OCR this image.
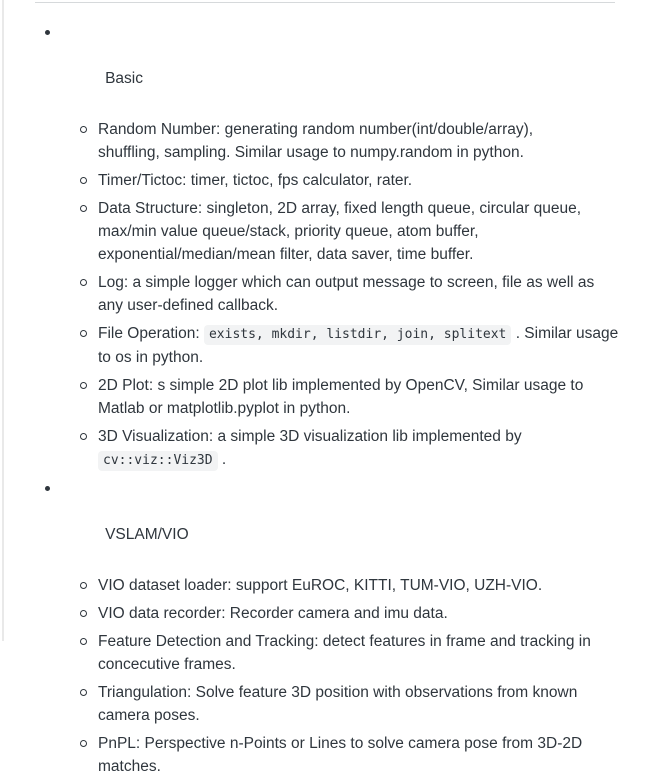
Basic

Random Number: generating random number(int/double/array),
shuffling, sampling. Similar usage to numpy.random in python.
Timer/Tictoc: timer, tictoc, fps calculator, rater.
Data Structure: singleton, 2D array, fixed length queue, circular queue,
max/min value queue/stack, priority queue, atom buffer,
exponential/median/mean filter, data saver, time buffer.
Log: a simple logger which can output message to screen, file as well as
any user-defined callback.
File Operation: exists, mkdir, listdir, join, splitext . Similar usage
to os in python.
2D Plot: s simple 2D plot lib implemented by OpenCV, Similar usage to
Matlab or matplotlib.pyplot in python.
3D Visualization: a simple 3D visualization lib implemented by
cv::viz::Viz3D .

VSLAM/VIO

VIO dataset loader: support EuROC, KITTI, TUM-VIO, UZH-VIO.
VIO data recorder: Recorder camera and imu data.
Feature Detection and Tracking: detect features in frame and tracking in
concecutive frames.
Triangulation: Solve feature 3D position with observations from known
camera poses.
PnPL: Perspective n-Points or Lines to solve camera pose from 3D-2D
matches.
